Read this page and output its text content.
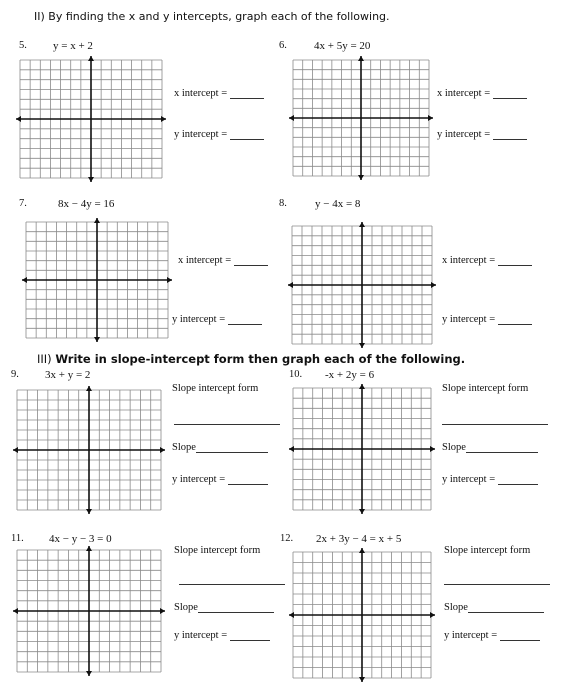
II) By finding the x and y intercepts, graph each of the following.
5. y = x + 2
x intercept =
y intercept =
6. 4x + 5y = 20
x intercept =
y intercept =
7.	8x − 4y = 16
x intercept =
y intercept =
8.	y − 4x = 8
x intercept =
y intercept =
III) Write in slope-intercept form then graph each of the following.
9. 3x + y = 2
Slope intercept form
Slope
y intercept =
10. -x + 2y = 6
Slope intercept form
Slope
y intercept =
11. 4x − y − 3 = 0
Slope intercept form
Slope
y intercept =
12. 2x + 3y − 4 = x + 5
Slope intercept form
Slope
y intercept =
